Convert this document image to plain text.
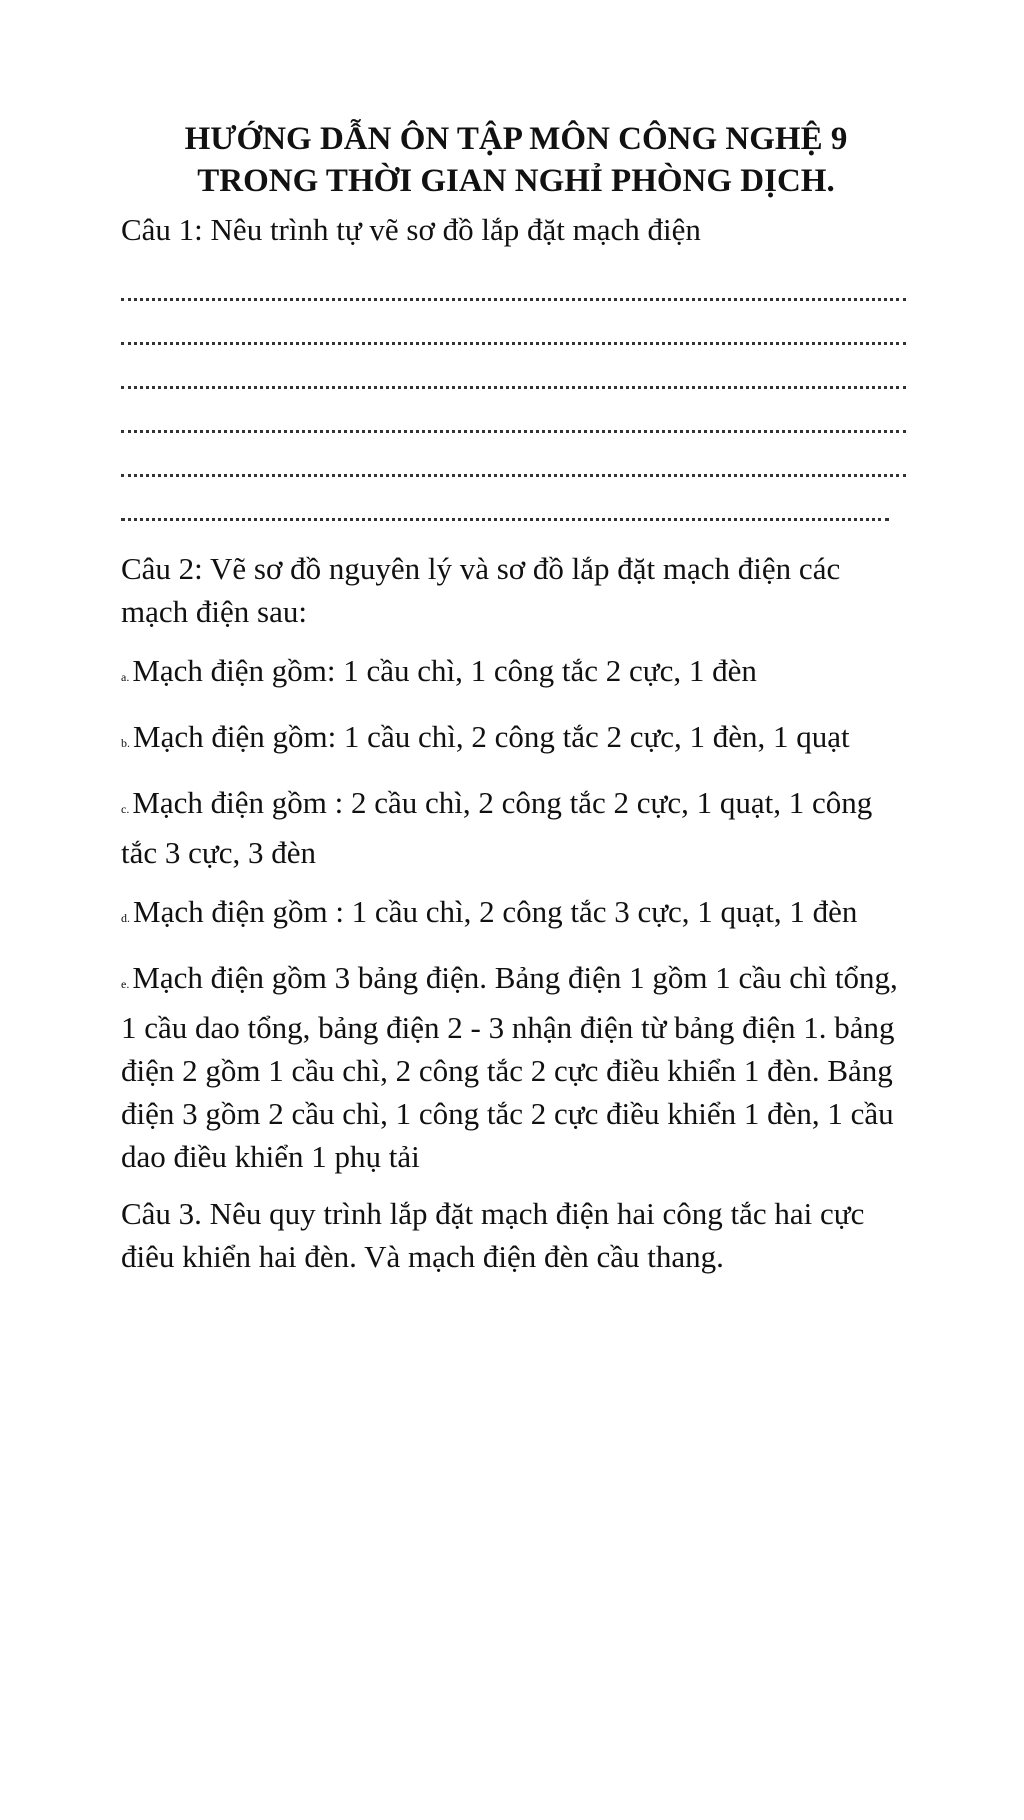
HƯỚNG DẪN ÔN TẬP MÔN CÔNG NGHỆ 9
TRONG THỜI GIAN NGHỈ PHÒNG DỊCH.

Câu 1: Nêu trình tự vẽ sơ đồ lắp đặt mạch điện

Câu 2: Vẽ sơ đồ nguyên lý và sơ đồ lắp đặt mạch điện các mạch điện sau:

a.Mạch điện gồm: 1 cầu chì, 1 công tắc 2 cực, 1 đèn

b.Mạch điện gồm: 1 cầu chì, 2 công tắc 2 cực, 1 đèn, 1 quạt

c.Mạch điện gồm : 2 cầu chì, 2 công tắc 2 cực, 1 quạt, 1 công tắc 3 cực, 3 đèn

d.Mạch điện gồm : 1 cầu chì, 2 công tắc 3 cực, 1 quạt, 1 đèn

e.Mạch điện gồm 3 bảng điện. Bảng điện 1 gồm 1 cầu chì tổng, 1 cầu dao tổng, bảng điện 2 - 3 nhận điện từ bảng điện 1. bảng điện 2 gồm 1 cầu chì, 2 công tắc 2 cực điều khiển 1 đèn. Bảng điện 3 gồm 2 cầu chì, 1 công tắc 2 cực điều khiển 1 đèn, 1 cầu dao điều khiển 1 phụ tải

Câu 3. Nêu quy trình lắp đặt mạch điện hai công tắc hai cực điêu khiển hai đèn. Và mạch điện đèn cầu thang.
